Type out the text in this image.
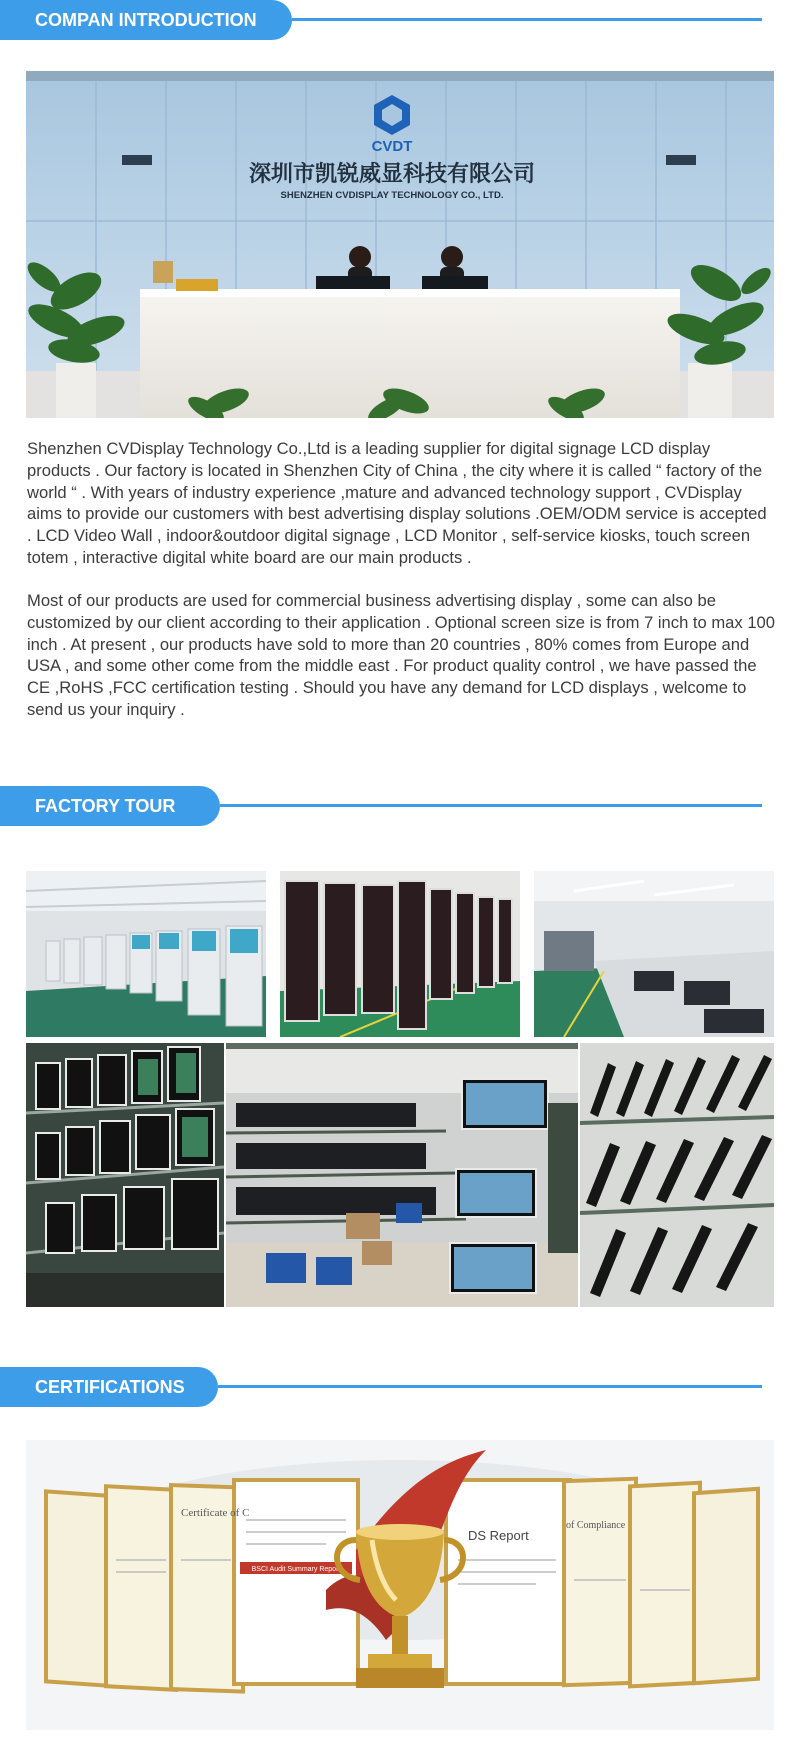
COMPAN INTRODUCTION
CVDT
深圳市凯锐威显科技有限公司
SHENZHEN CVDISPLAY TECHNOLOGY CO., LTD.

Shenzhen CVDisplay Technology Co.,Ltd is a leading supplier for digital signage LCD display products . Our factory is located in Shenzhen City of China , the city where it is called “ factory of the world “ . With years of industry experience ,mature and advanced technology support , CVDisplay aims to provide our customers with best advertising display solutions .OEM/ODM service is accepted . LCD Video Wall , indoor&outdoor digital signage , LCD Monitor , self-service kiosks, touch screen totem , interactive digital white board are our main products .

Most of our products are used for commercial business advertising display , some can also be customized by our client according to their application . Optional screen size is from 7 inch to max 100 inch . At present , our products have sold to more than 20 countries , 80% comes from Europe and USA , and some other come from the middle east . For product quality control , we have passed the CE ,RoHS ,FCC certification testing . Should you have any demand for LCD displays , welcome to send us your inquiry .

FACTORY TOUR
CERTIFICATIONS
Certificate of C
DS Report
of Compliance
BSCI Audit Summary Report
